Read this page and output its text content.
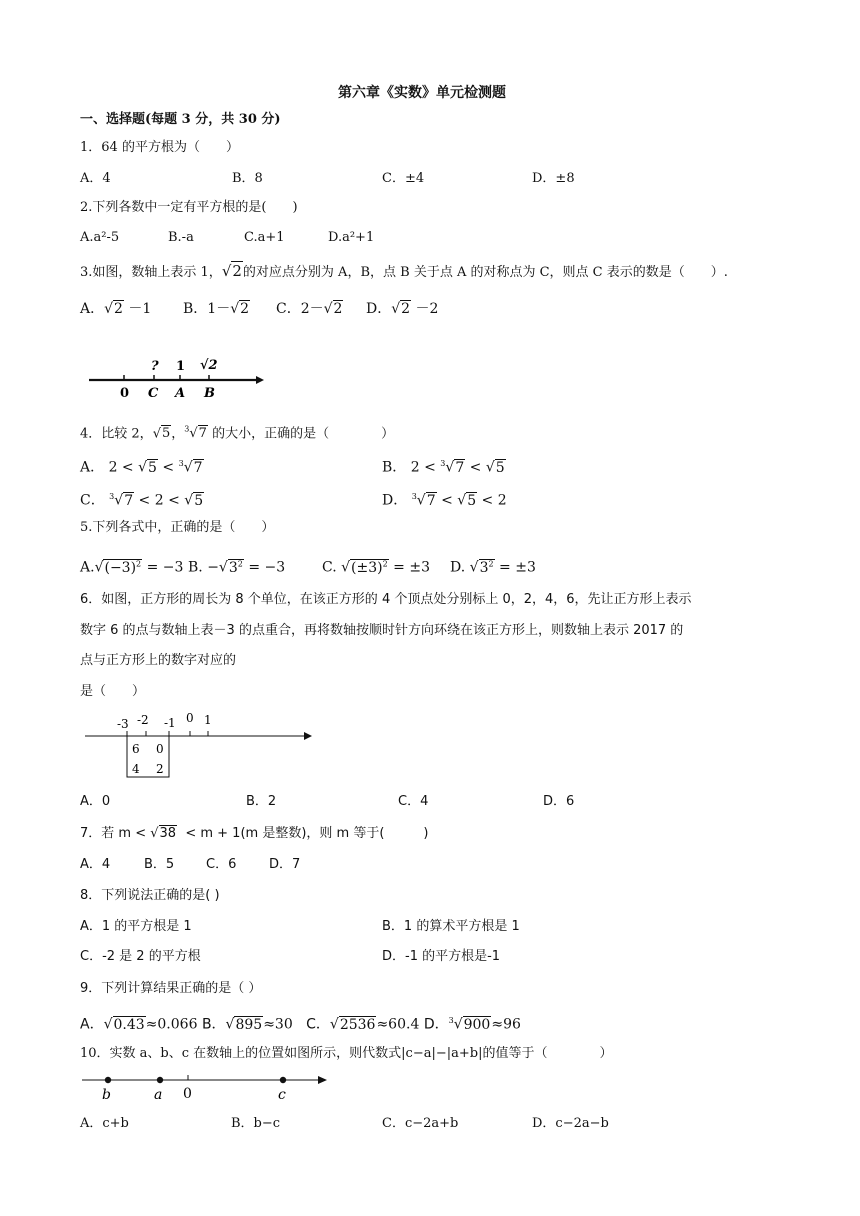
第六章《实数》单元检测题
一、选择题(每题 3 分，共 30 分)
1．64 的平方根为（　　）
A．4	B．8	C．±4	D．±8
2.下列各数中一定有平方根的是(　　)
A.a²-5	B.-a	C.a+1	D.a²+1
3.如图，数轴上表示 1，√2的对应点分别为 A，B，点 B 关于点 A 的对称点为 C，则点 C 表示的数是（　　）.
A．√2 －1 B．1－√2 C．2－√2 D．√2 －2
? 1 √2
0 C A B
4．比较 2，√5，$^3$√7 的大小，正确的是（　　　　）
A． 2 < √5 < $^3$√7	B． 2 < $^3$√7 < √5
C． $^3$√7 < 2 < √5	D． $^3$√7 < √5 < 2
5.下列各式中，正确的是（　　）
$A.√(-3)^2 = -3$ B. $-√3^2 = -3$	C. $√(\pm 3)^2 = \pm 3$ D. $√3^2 = \pm 3$
6．如图，正方形的周长为 8 个单位，在该正方形的 4 个顶点处分别标上 0，2，4，6，先让正方形上表示
数字 6 的点与数轴上表－3 的点重合，再将数轴按顺时针方向环绕在该正方形上，则数轴上表示 2017 的
点与正方形上的数字对应的
是（　　）
-3 -2 -1 0 1
6 0
4 2
A．0	B．2	C．4	D．6
7．若 m < √38 < m + 1(m 是整数)，则 m 等于(　　　)
A．4	B．5 C．6	D．7
8．下列说法正确的是( )
A．1 的平方根是 1	B．1 的算术平方根是 1
C．-2 是 2 的平方根	D．-1 的平方根是-1
9．下列计算结果正确的是（ ）
A．√0.43≈0.066 B．√895≈30 C．√2536≈60.4 D．$^3$√900≈96
10．实数 a、b、c 在数轴上的位置如图所示，则代数式|c−a|−|a+b|的值等于（　　　　）
b	a 0	c
A．c+b	B．b−c	C．c−2a+b	D．c−2a−b
